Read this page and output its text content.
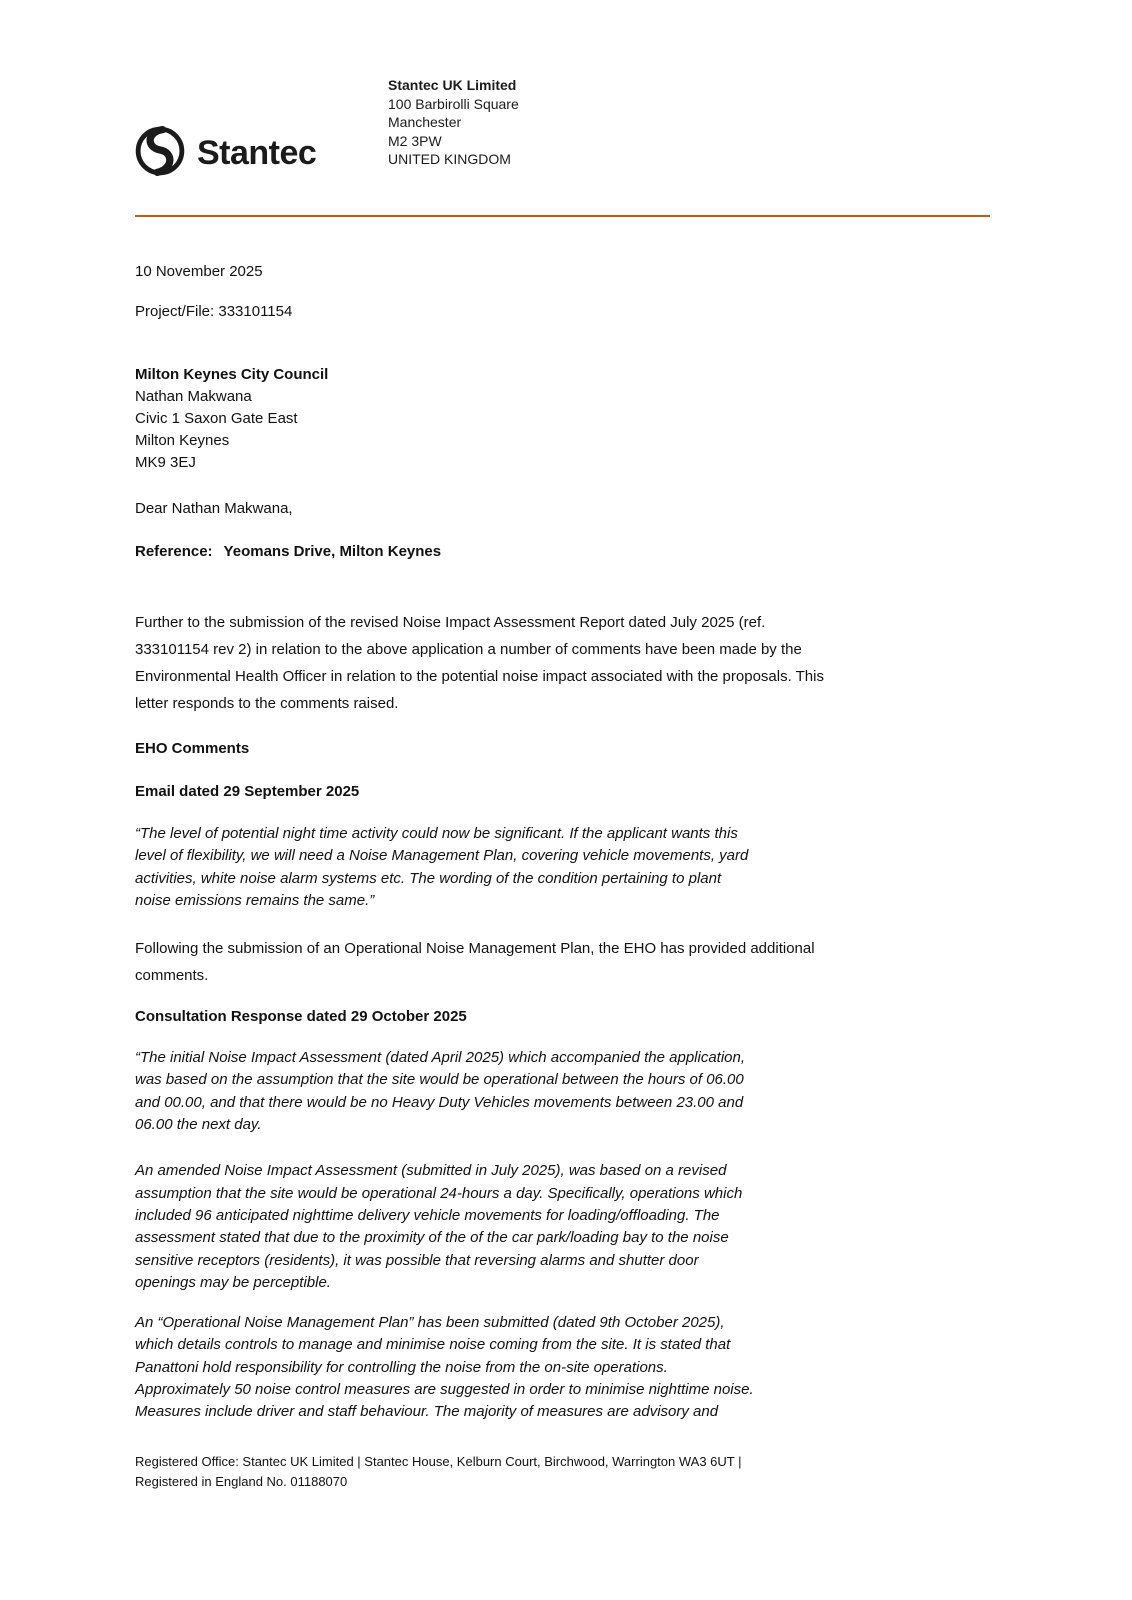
Stantec
Stantec UK Limited
100 Barbirolli Square
Manchester
M2 3PW
UNITED KINGDOM
10 November 2025
Project/File: 333101154
Milton Keynes City Council
Nathan Makwana
Civic 1 Saxon Gate East
Milton Keynes
MK9 3EJ
Dear Nathan Makwana,
Reference: Yeomans Drive, Milton Keynes
Further to the submission of the revised Noise Impact Assessment Report dated July 2025 (ref.
333101154 rev 2) in relation to the above application a number of comments have been made by the
Environmental Health Officer in relation to the potential noise impact associated with the proposals. This
letter responds to the comments raised.
EHO Comments
Email dated 29 September 2025
“The level of potential night time activity could now be significant. If the applicant wants this
level of flexibility, we will need a Noise Management Plan, covering vehicle movements, yard
activities, white noise alarm systems etc. The wording of the condition pertaining to plant
noise emissions remains the same.”
Following the submission of an Operational Noise Management Plan, the EHO has provided additional
comments.
Consultation Response dated 29 October 2025
“The initial Noise Impact Assessment (dated April 2025) which accompanied the application,
was based on the assumption that the site would be operational between the hours of 06.00
and 00.00, and that there would be no Heavy Duty Vehicles movements between 23.00 and
06.00 the next day.
An amended Noise Impact Assessment (submitted in July 2025), was based on a revised
assumption that the site would be operational 24-hours a day. Specifically, operations which
included 96 anticipated nighttime delivery vehicle movements for loading/offloading. The
assessment stated that due to the proximity of the of the car park/loading bay to the noise
sensitive receptors (residents), it was possible that reversing alarms and shutter door
openings may be perceptible.
An “Operational Noise Management Plan” has been submitted (dated 9th October 2025),
which details controls to manage and minimise noise coming from the site. It is stated that
Panattoni hold responsibility for controlling the noise from the on-site operations.
Approximately 50 noise control measures are suggested in order to minimise nighttime noise.
Measures include driver and staff behaviour. The majority of measures are advisory and
Registered Office: Stantec UK Limited | Stantec House, Kelburn Court, Birchwood, Warrington WA3 6UT |
Registered in England No. 01188070
